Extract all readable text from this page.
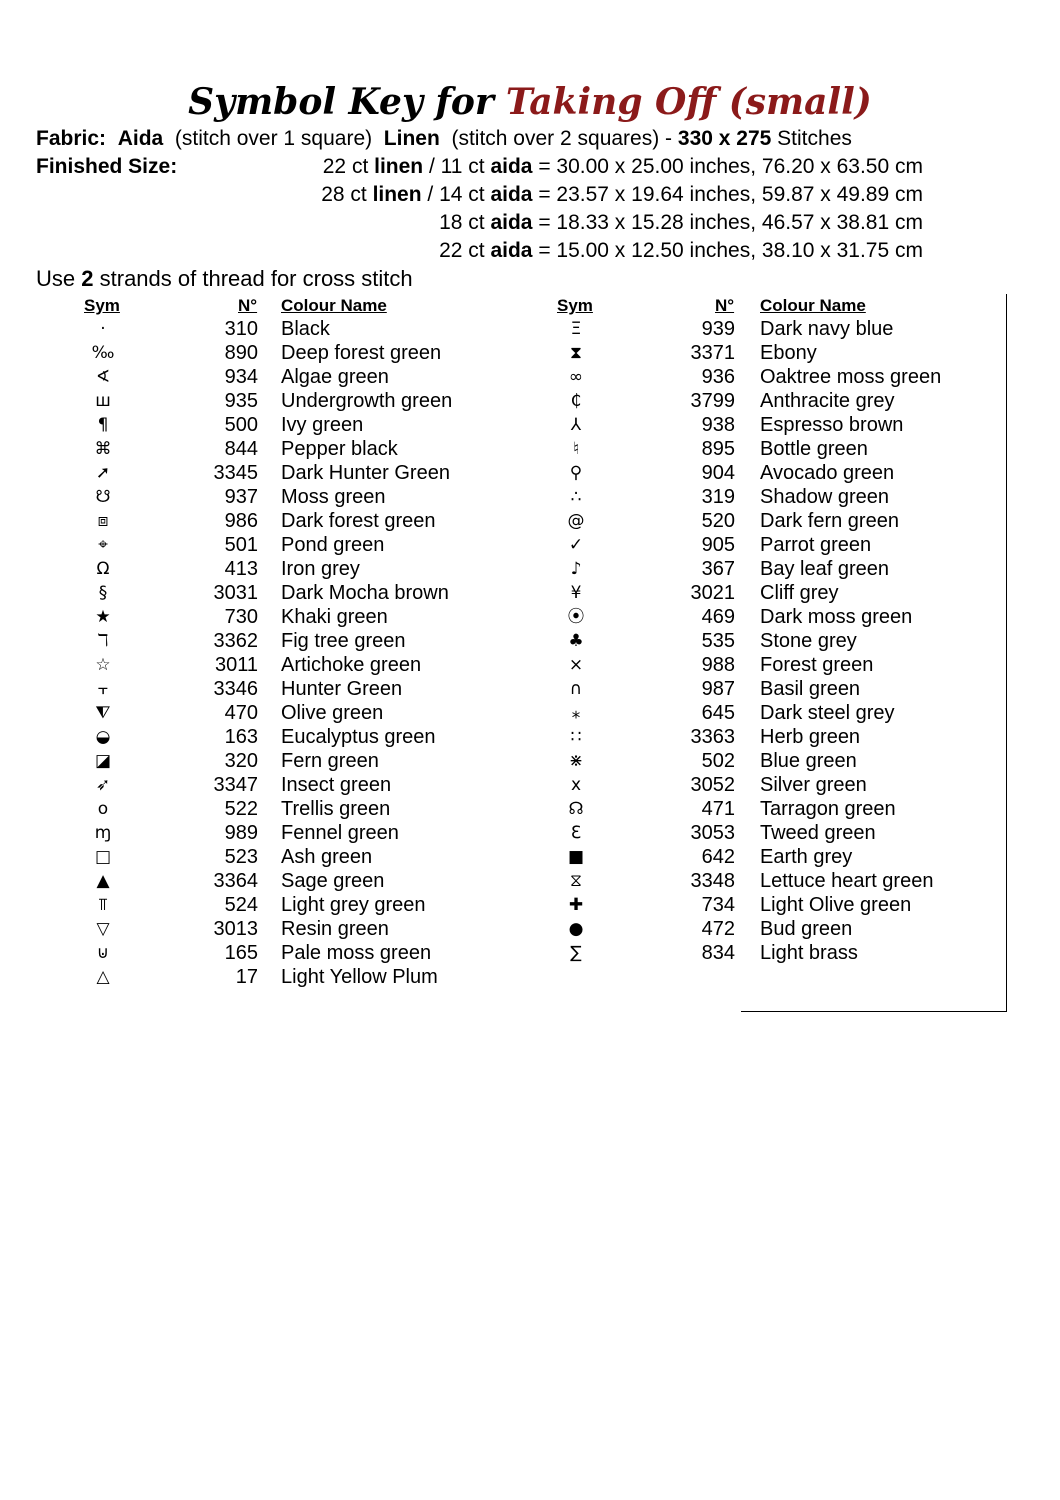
Symbol Key for Taking Off (small)
Fabric: Aida (stitch over 1 square) Linen (stitch over 2 squares) - 330 x 275 Stitches
Finished Size:	22 ct linen / 11 ct aida = 30.00 x 25.00 inches, 76.20 x 63.50 cm
28 ct linen / 14 ct aida = 23.57 x 19.64 inches, 59.87 x 49.89 cm
18 ct aida = 18.33 x 15.28 inches, 46.57 x 38.81 cm
22 ct aida = 15.00 x 12.50 inches, 38.10 x 31.75 cm
Use 2 strands of thread for cross stitch
Sym	N° Colour Name	Sym	N° Colour Name
·	310 Black
‰	890 Deep forest green
∢	934 Algae green
ш	935 Undergrowth green
¶	500 Ivy green
⌘	844 Pepper black
➚	3345 Dark Hunter Green
☋	937 Moss green
⧈	986 Dark forest green
⌖	501 Pond green
Ω	413 Iron grey
§	3031 Dark Mocha brown
★	730 Khaki green
ℸ	3362 Fig tree green
☆	3011 Artichoke green
⫟	3346 Hunter Green
⧨	470 Olive green
◒	163 Eucalyptus green
◪	320 Fern green
➶	3347 Insect green
ο	522 Trellis green
ɱ	989 Fennel green
□	523 Ash green
▲	3364 Sage green
⫪	524 Light grey green
▽	3013 Resin green
⊍	165 Pale moss green
△	17 Light Yellow Plum
Ξ	939 Dark navy blue
⧗	3371 Ebony
∞	936 Oaktree moss green
₵	3799 Anthracite grey
⅄	938 Espresso brown
♮	895 Bottle green
⚲	904 Avocado green
∴	319 Shadow green
@	520 Dark fern green
✓	905 Parrot green
♪	367 Bay leaf green
¥	3021 Cliff grey
⦿	469 Dark moss green
♣	535 Stone grey
⨯	988 Forest green
∩	987 Basil green
⁎	645 Dark steel grey
∷	3363 Herb green
⋇	502 Blue green
x	3052 Silver green
☊	471 Tarragon green
ℇ	3053 Tweed green
■	642 Earth grey
⧖	3348 Lettuce heart green
✚	734 Light Olive green
●	472 Bud green
∑	834 Light brass
